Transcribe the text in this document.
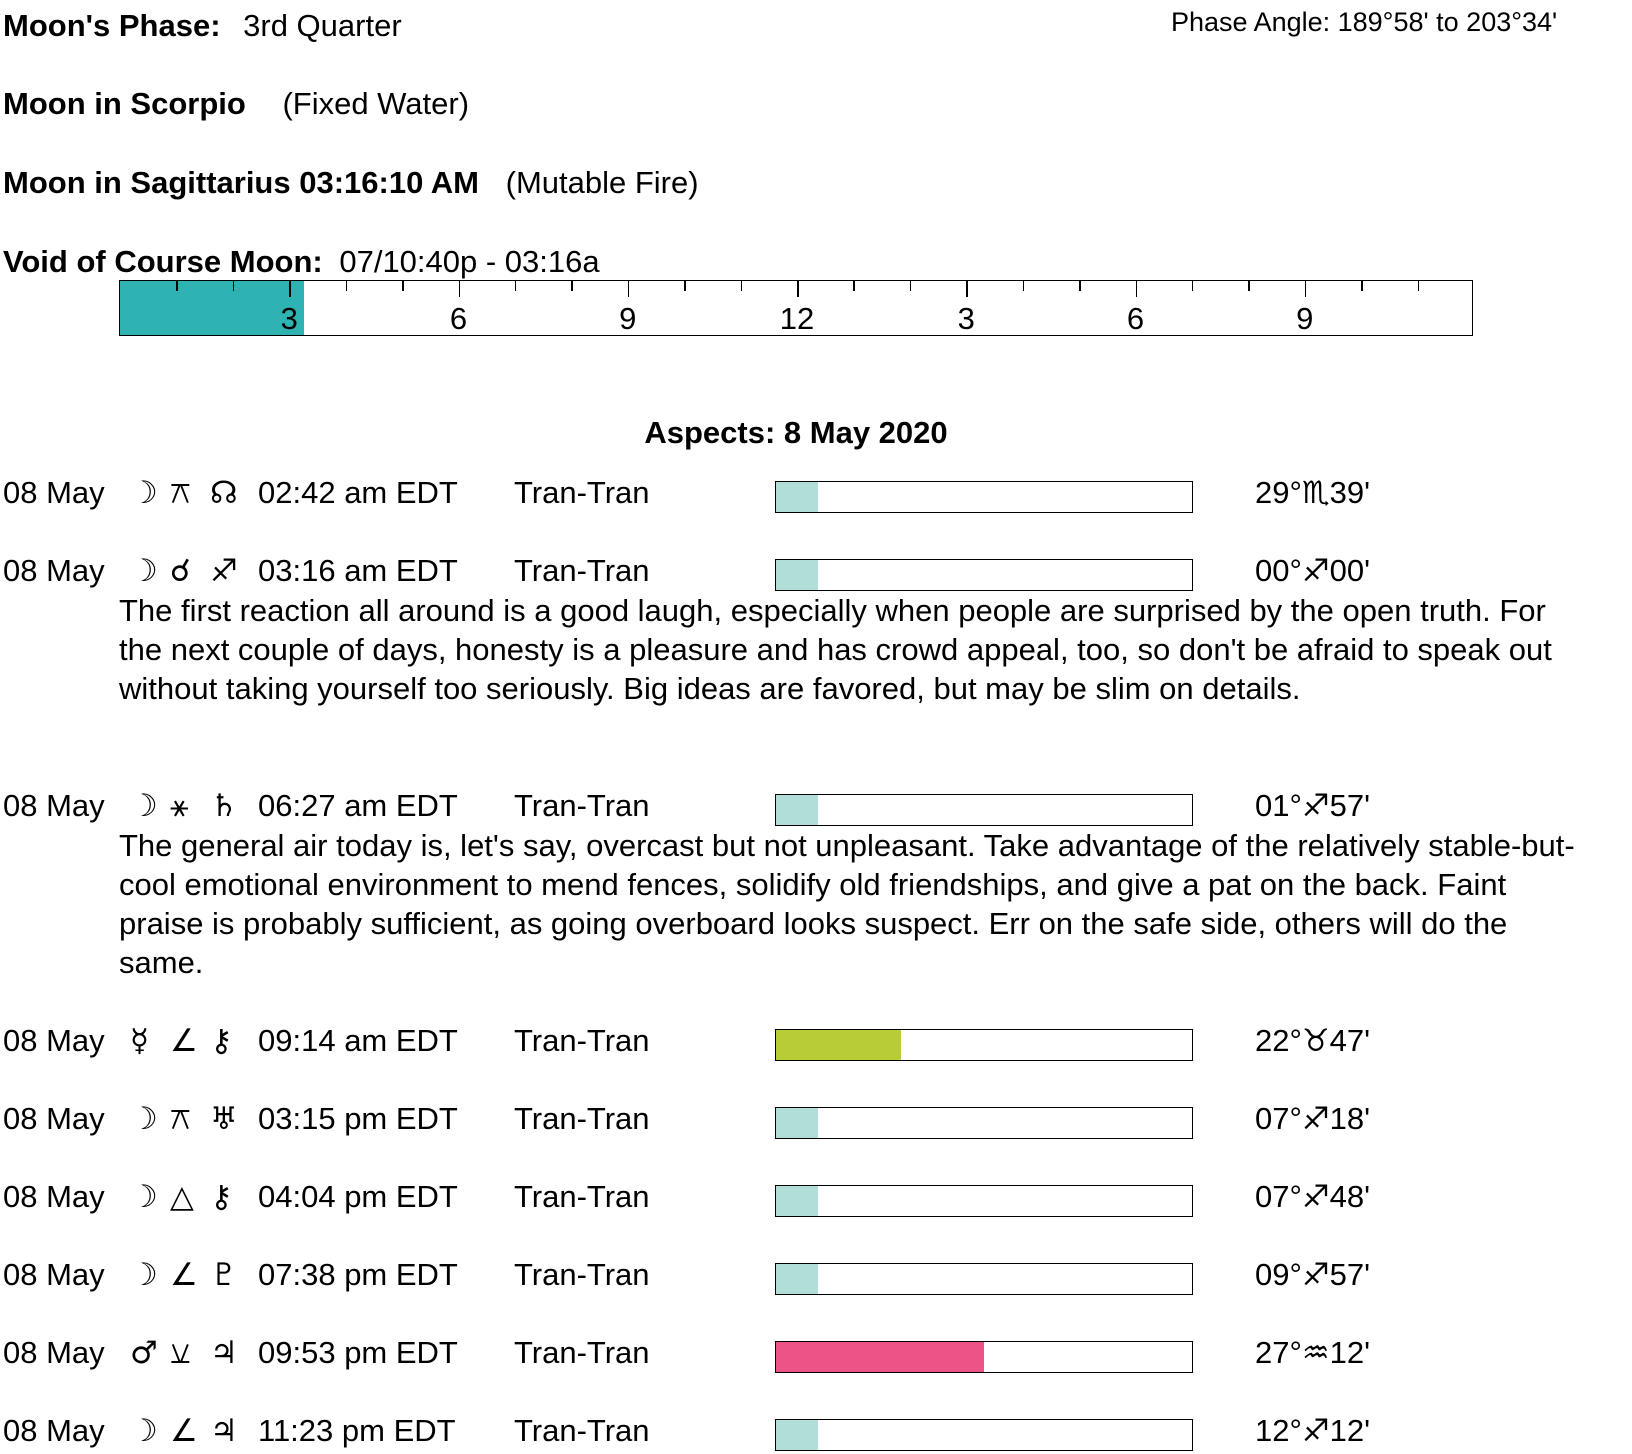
Moon's Phase: 3rd Quarter	Phase Angle: 189°58' to 203°34'
Moon in Scorpio (Fixed Water)
Moon in Sagittarius 03:16:10 AM (Mutable Fire)
Void of Course Moon: 07/10:40p - 03:16a
3	6	9	12	3	6	9
Aspects: 8 May 2020
08 May ☽ ⚻ ☊ 02:42 am EDT Tran-Tran	29°♏39'
08 May ☽ ☌ ♐ 03:16 am EDT Tran-Tran	00°♐00'
The first reaction all around is a good laugh, especially when people are surprised by the open truth. For the next couple of days, honesty is a pleasure and has crowd appeal, too, so don't be afraid to speak out without taking yourself too seriously. Big ideas are favored, but may be slim on details.
08 May ☽ ⚹ ♄ 06:27 am EDT Tran-Tran	01°♐57'
The general air today is, let's say, overcast but not unpleasant. Take advantage of the relatively stable-but-cool emotional environment to mend fences, solidify old friendships, and give a pat on the back. Faint praise is probably sufficient, as going overboard looks suspect. Err on the safe side, others will do the same.
08 May ☿ ∠ ⚷ 09:14 am EDT Tran-Tran	22°♉47'
08 May ☽ ⚻ ♅ 03:15 pm EDT Tran-Tran	07°♐18'
08 May ☽ △ ⚷ 04:04 pm EDT Tran-Tran	07°♐48'
08 May ☽ ∠ ♇ 07:38 pm EDT Tran-Tran	09°♐57'
08 May ♂ ⚺ ♃ 09:53 pm EDT Tran-Tran	27°♒12'
08 May ☽ ∠ ♃ 11:23 pm EDT Tran-Tran	12°♐12'
